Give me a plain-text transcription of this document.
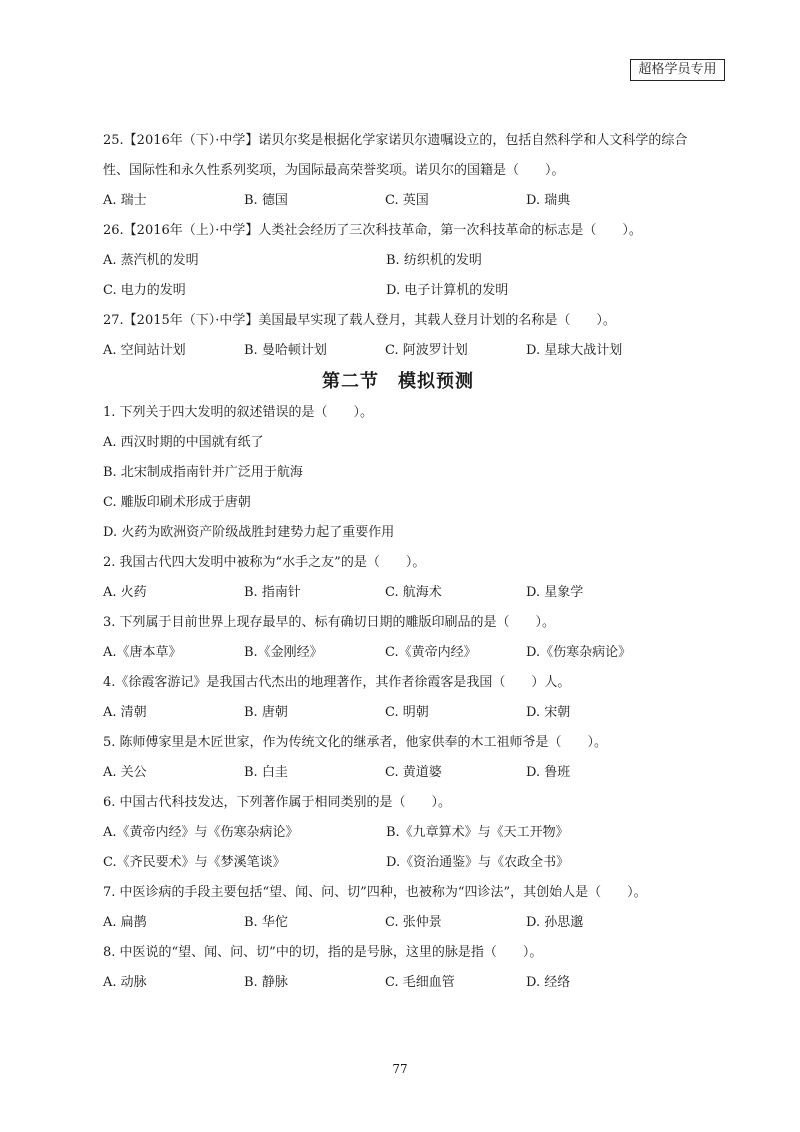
超格学员专用
25.【2016年（下）·中学】诺贝尔奖是根据化学家诺贝尔遗嘱设立的，包括自然科学和人文科学的综合性、国际性和永久性系列奖项，为国际最高荣誉奖项。诺贝尔的国籍是（　　）。
A. 瑞士	B. 德国	C. 英国	D. 瑞典
26.【2016年（上）·中学】人类社会经历了三次科技革命，第一次科技革命的标志是（　　）。
A. 蒸汽机的发明	B. 纺织机的发明
C. 电力的发明	D. 电子计算机的发明
27.【2015年（下）·中学】美国最早实现了载人登月，其载人登月计划的名称是（　　）。
A. 空间站计划	B. 曼哈顿计划	C. 阿波罗计划	D. 星球大战计划
第二节　模拟预测
1. 下列关于四大发明的叙述错误的是（　　）。
A. 西汉时期的中国就有纸了
B. 北宋制成指南针并广泛用于航海
C. 雕版印刷术形成于唐朝
D. 火药为欧洲资产阶级战胜封建势力起了重要作用
2. 我国古代四大发明中被称为“水手之友”的是（　　）。
A. 火药	B. 指南针	C. 航海术	D. 星象学
3. 下列属于目前世界上现存最早的、标有确切日期的雕版印刷品的是（　　）。
A.《唐本草》	B.《金刚经》	C.《黄帝内经》	D.《伤寒杂病论》
4.《徐霞客游记》是我国古代杰出的地理著作，其作者徐霞客是我国（　　）人。
A. 清朝	B. 唐朝	C. 明朝	D. 宋朝
5. 陈师傅家里是木匠世家，作为传统文化的继承者，他家供奉的木工祖师爷是（　　）。
A. 关公	B. 白圭	C. 黄道婆	D. 鲁班
6. 中国古代科技发达，下列著作属于相同类别的是（　　）。
A.《黄帝内经》与《伤寒杂病论》	B.《九章算术》与《天工开物》
C.《齐民要术》与《梦溪笔谈》	D.《资治通鉴》与《农政全书》
7. 中医诊病的手段主要包括“望、闻、问、切”四种，也被称为“四诊法”，其创始人是（　　）。
A. 扁鹊	B. 华佗	C. 张仲景	D. 孙思邈
8. 中医说的“望、闻、问、切”中的切，指的是号脉，这里的脉是指（　　）。
A. 动脉	B. 静脉	C. 毛细血管	D. 经络
77
